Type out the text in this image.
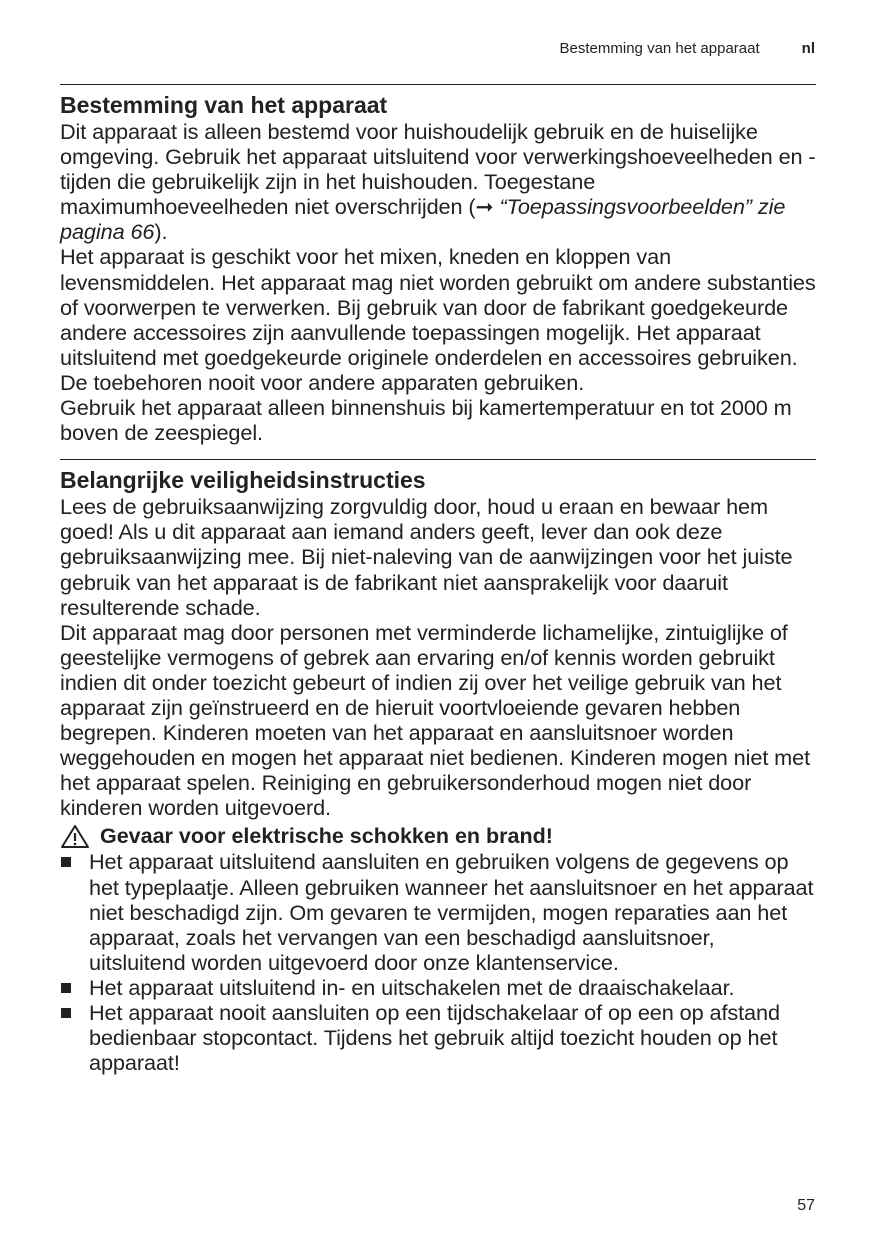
Bestemming van het apparaat	nl
Bestemming van het apparaat

Dit apparaat is alleen bestemd voor huishoudelijk gebruik en de huiselijke omgeving. Gebruik het apparaat uitsluitend voor verwerkingshoeveelheden en -tijden die gebruikelijk zijn in het huishouden. Toegestane maximumhoeveelheden niet overschrijden (➞ “Toepassingsvoorbeelden” zie pagina 66).

Het apparaat is geschikt voor het mixen, kneden en kloppen van levensmiddelen. Het apparaat mag niet worden gebruikt om andere substanties of voorwerpen te verwerken. Bij gebruik van door de fabrikant goedgekeurde andere accessoires zijn aanvullende toepassingen mogelijk. Het apparaat uitsluitend met goedgekeurde originele onderdelen en accessoires gebruiken. De toebehoren nooit voor andere apparaten gebruiken.

Gebruik het apparaat alleen binnenshuis bij kamertemperatuur en tot 2000 m boven de zeespiegel.

Belangrijke veiligheidsinstructies

Lees de gebruiksaanwijzing zorgvuldig door, houd u eraan en bewaar hem goed! Als u dit apparaat aan iemand anders geeft, lever dan ook deze gebruiksaanwijzing mee. Bij niet-naleving van de aanwijzingen voor het juiste gebruik van het apparaat is de fabrikant niet aansprakelijk voor daaruit resulterende schade.

Dit apparaat mag door personen met verminderde lichamelijke, zintuiglijke of geestelijke vermogens of gebrek aan ervaring en/of kennis worden gebruikt indien dit onder toezicht gebeurt of indien zij over het veilige gebruik van het apparaat zijn geïnstrueerd en de hieruit voortvloeiende gevaren hebben begrepen. Kinderen moeten van het apparaat en aansluitsnoer worden weggehouden en mogen het apparaat niet bedienen. Kinderen mogen niet met het apparaat spelen. Reiniging en gebruikersonderhoud mogen niet door kinderen worden uitgevoerd.

Gevaar voor elektrische schokken en brand!
Het apparaat uitsluitend aansluiten en gebruiken volgens de gegevens op het typeplaatje. Alleen gebruiken wanneer het aansluitsnoer en het apparaat niet beschadigd zijn. Om gevaren te vermijden, mogen reparaties aan het apparaat, zoals het vervangen van een beschadigd aansluitsnoer, uitsluitend worden uitgevoerd door onze klantenservice.
Het apparaat uitsluitend in- en uitschakelen met de draaischakelaar.
Het apparaat nooit aansluiten op een tijdschakelaar of op een op afstand bedienbaar stopcontact. Tijdens het gebruik altijd toezicht houden op het apparaat!
57
